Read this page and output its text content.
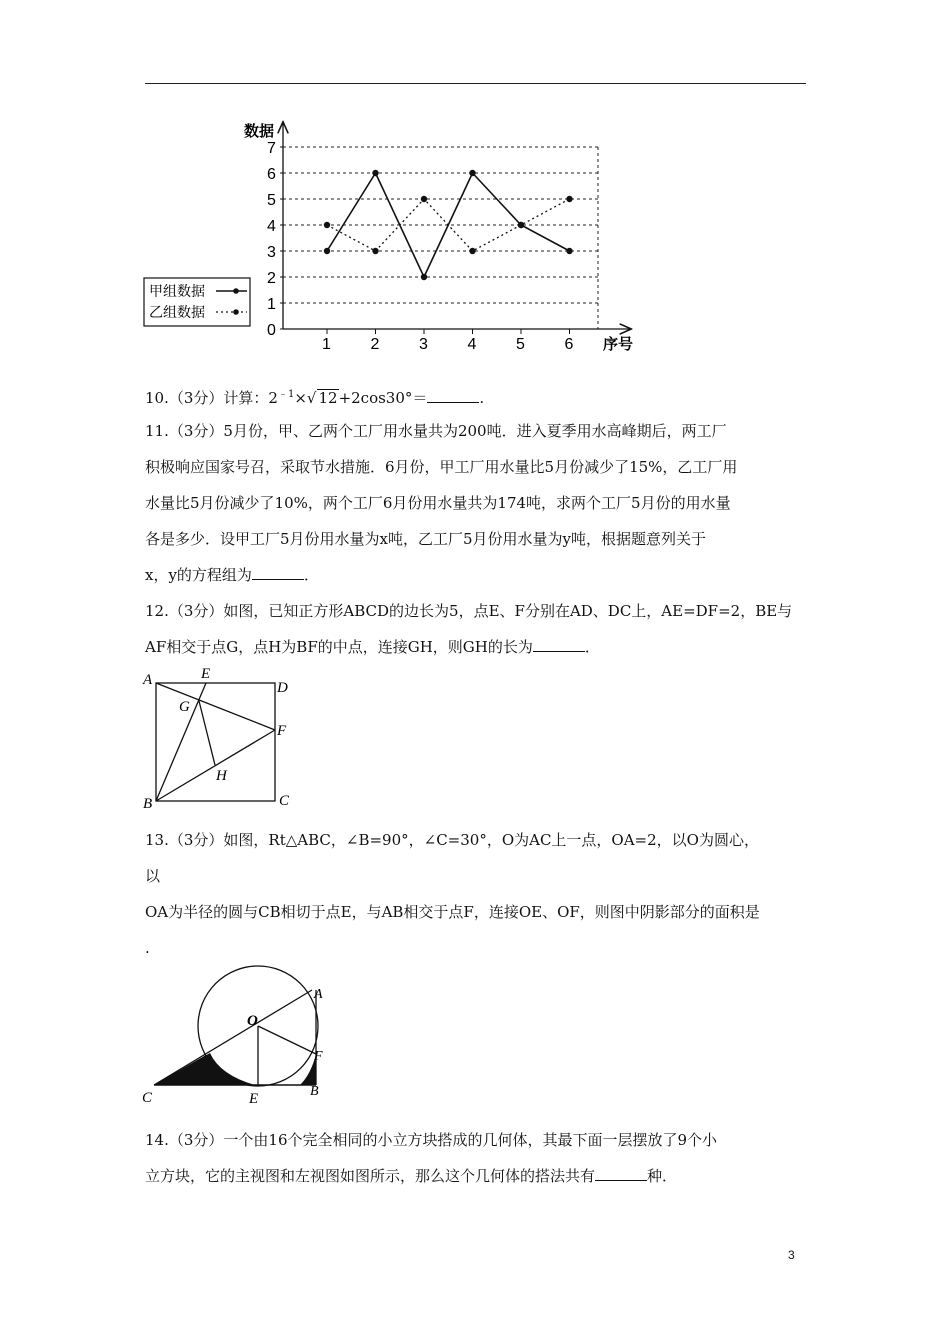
数据
序号
0
1
2
3
4
5
6
7
1 2 3 4 5 6
甲组数据
乙组数据

10.（3分）计算：$2^{﹣1}\times√$ 12+2cos30°＝	.

11.（3分）5月份，甲、乙两个工厂用水量共为200吨．进入夏季用水高峰期后，两工厂

积极响应国家号召，采取节水措施．6月份，甲工厂用水量比5月份减少了15%，乙工厂用

水量比5月份减少了10%，两个工厂6月份用水量共为174吨，求两个工厂5月份的用水量

各是多少．设甲工厂5月份用水量为x吨，乙工厂5月份用水量为y吨，根据题意列关于

x，y的方程组为	．

12.（3分）如图，已知正方形ABCD的边长为5，点E、F分别在AD、DC上，AE=DF=2，BE与

AF相交于点G，点H为BF的中点，连接GH，则GH的长为	．

A	E
D
G
F
H
B	C

13.（3分）如图，Rt△ABC，∠B=90°，∠C=30°，O为AC上一点，OA=2，以O为圆心，

以

OA为半径的圆与CB相切于点E，与AB相交于点F，连接OE、OF，则图中阴影部分的面积是

.

O
A
F
C	E	B

14.（3分）一个由16个完全相同的小立方块搭成的几何体，其最下面一层摆放了9个小

立方块，它的主视图和左视图如图所示，那么这个几何体的搭法共有	种．

3
